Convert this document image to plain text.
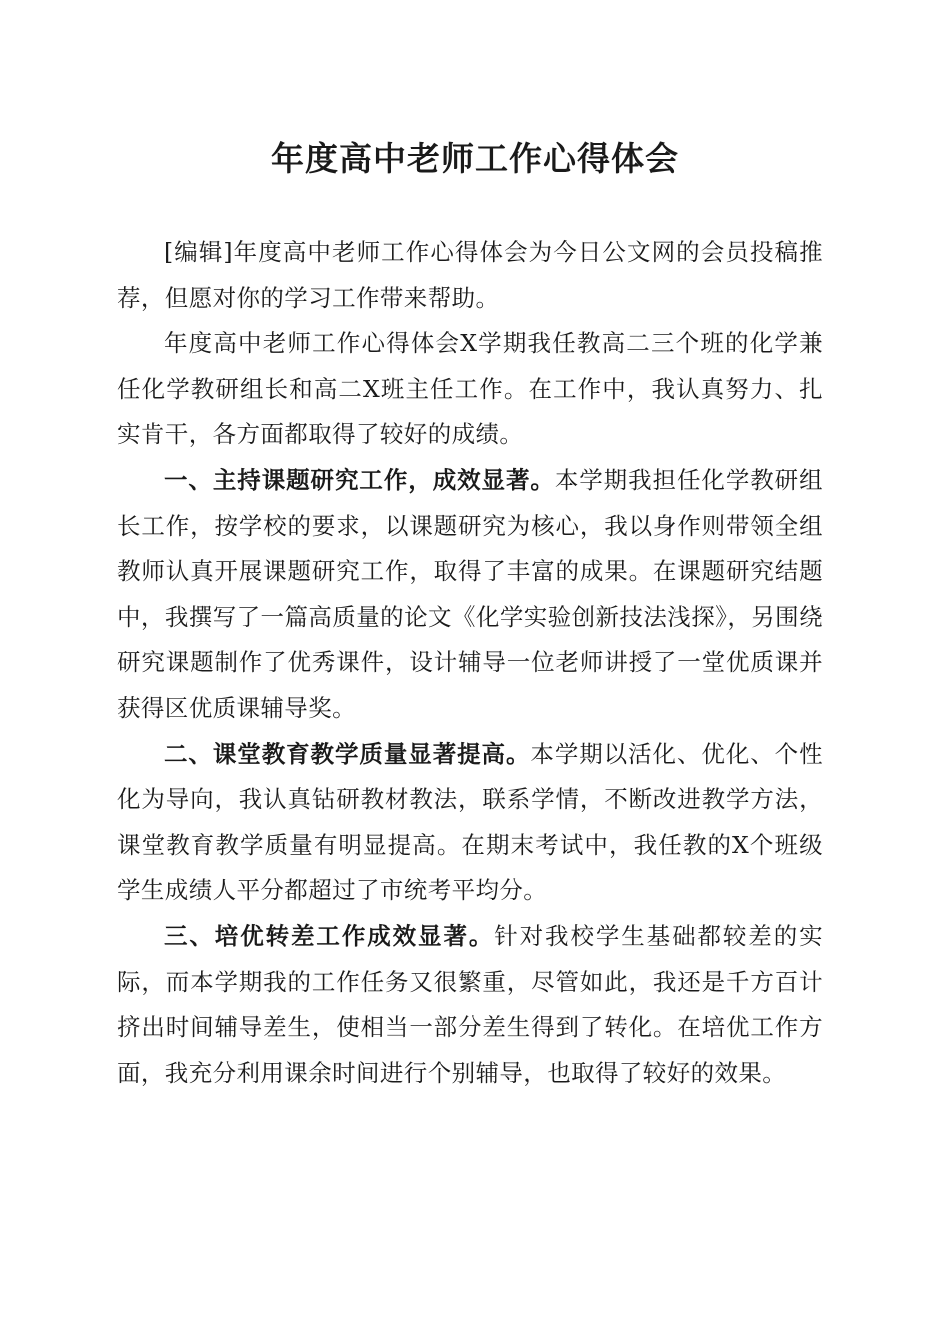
年度高中老师工作心得体会

[编辑]年度高中老师工作心得体会为今日公文网的会员投稿推荐，但愿对你的学习工作带来帮助。

年度高中老师工作心得体会X学期我任教高二三个班的化学兼任化学教研组长和高二X班主任工作。在工作中，我认真努力、扎实肯干，各方面都取得了较好的成绩。

一、主持课题研究工作，成效显著。本学期我担任化学教研组长工作，按学校的要求，以课题研究为核心，我以身作则带领全组教师认真开展课题研究工作，取得了丰富的成果。在课题研究结题中，我撰写了一篇高质量的论文《化学实验创新技法浅探》，另围绕研究课题制作了优秀课件，设计辅导一位老师讲授了一堂优质课并获得区优质课辅导奖。

二、课堂教育教学质量显著提高。本学期以活化、优化、个性化为导向，我认真钻研教材教法，联系学情，不断改进教学方法，课堂教育教学质量有明显提高。在期末考试中，我任教的X个班级学生成绩人平分都超过了市统考平均分。

三、培优转差工作成效显著。针对我校学生基础都较差的实际，而本学期我的工作任务又很繁重，尽管如此，我还是千方百计挤出时间辅导差生，使相当一部分差生得到了转化。在培优工作方面，我充分利用课余时间进行个别辅导，也取得了较好的效果。
